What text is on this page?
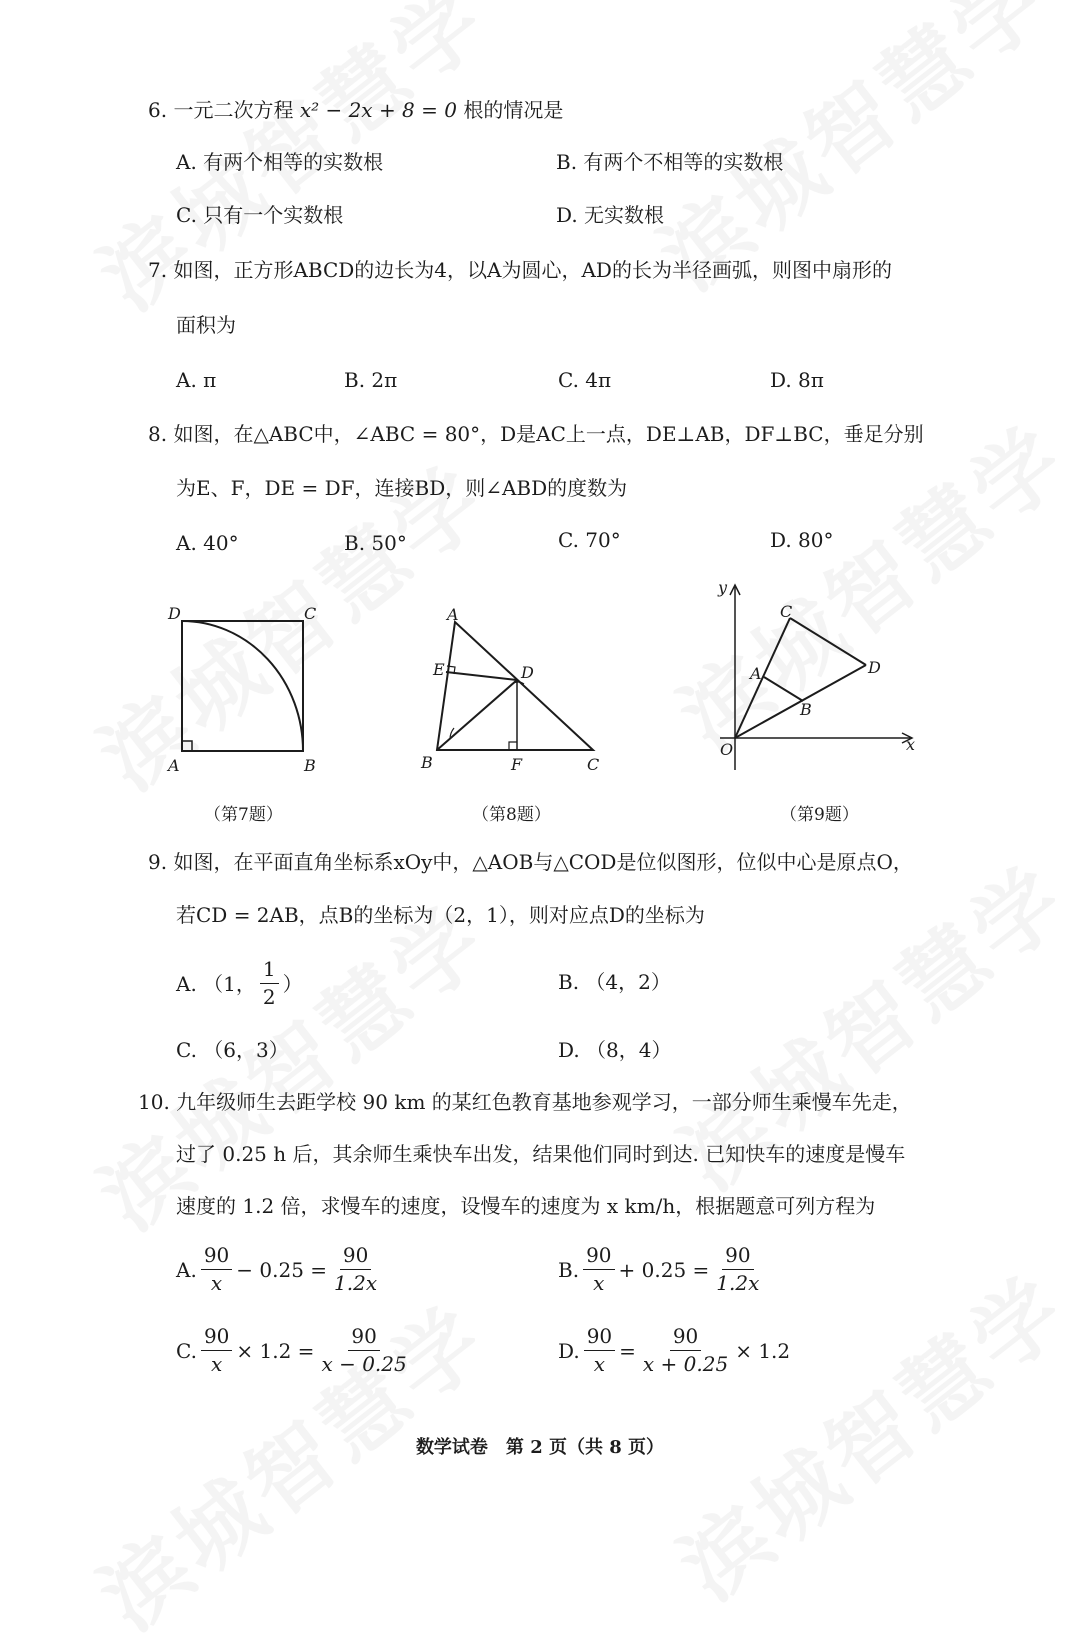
6. 一元二次方程 x² − 2x + 8 = 0 根的情况是
A. 有两个相等的实数根	B. 有两个不相等的实数根
C. 只有一个实数根	D. 无实数根
7. 如图，正方形ABCD的边长为4，以A为圆心，AD的长为半径画弧，则图中扇形的
面积为
A. π	B. 2π	C. 4π	D. 8π
8. 如图，在△ABC中，∠ABC = 80°，D是AC上一点，DE⊥AB，DF⊥BC，垂足分别
为E、F，DE = DF，连接BD，则∠ABD的度数为
A. 40°	B. 50°	C. 70°	D. 80°
D	C
A	B
（第7题）
A
E	D
B	F	C
（第8题）
y
C
A	D
B
O	x
（第9题）
9. 如图，在平面直角坐标系xOy中，△AOB与△COD是位似图形，位似中心是原点O，
若CD = 2AB，点B的坐标为（2，1），则对应点D的坐标为
A. （1，
1
2
）	B. （4，2）
C. （6，3）	D. （8，4）
10. 九年级师生去距学校 90 km 的某红色教育基地参观学习，一部分师生乘慢车先走，
过了 0.25 h 后，其余师生乘快车出发，结果他们同时到达. 已知快车的速度是慢车
速度的 1.2 倍，求慢车的速度，设慢车的速度为 x km/h，根据题意可列方程为
A.
90
x
− $0.25 = \frac{90}{1.2x}$	B.
90
x
+ $0.25 = \frac{90}{1.2x}$
C. $\frac{90}{x} \times 1.2 = \frac{90}{x - 0.25}$	D. $\frac{90}{x} = \frac{90}{x + 0.25} \times 1.2$
数学试卷　第 2 页（共 8 页）
